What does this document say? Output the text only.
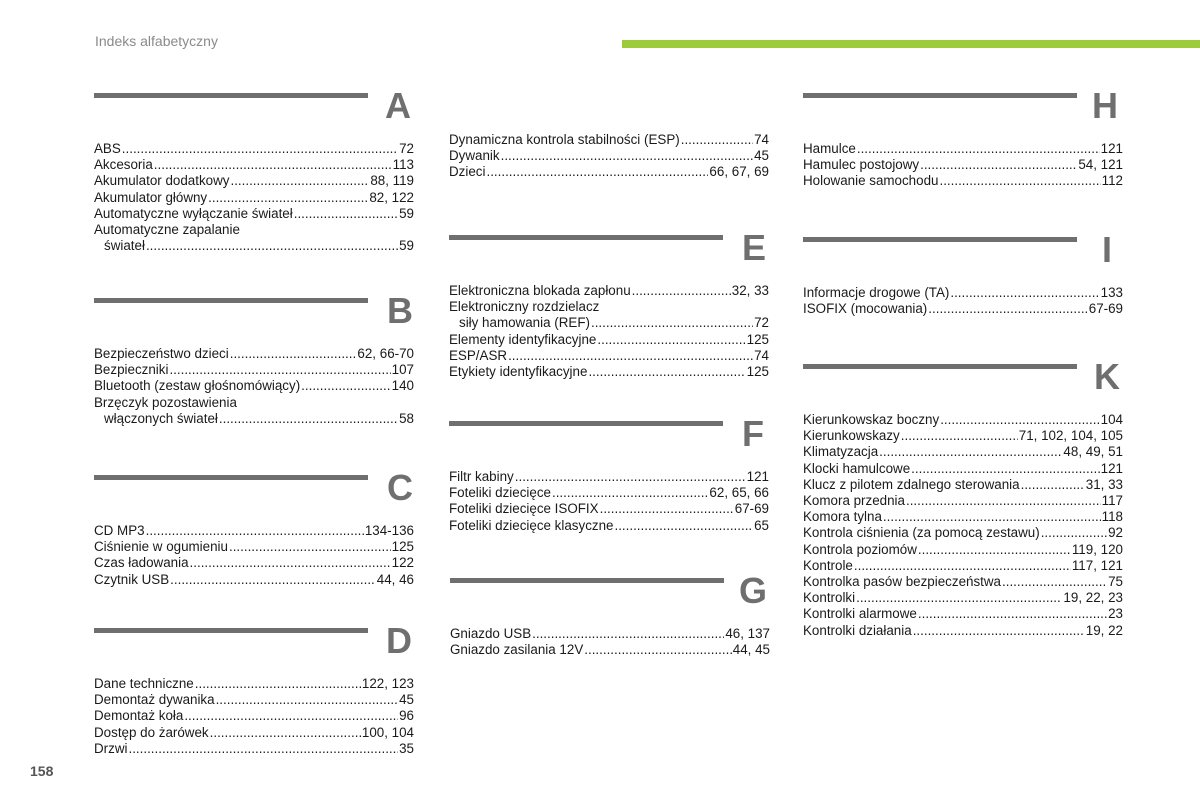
Indeks alfabetyczny
A
ABS .....	72
Akcesoria .....	113
Akumulator dodatkowy .....	88, 119
Akumulator główny .....	82, 122
Automatyczne wyłączanie świateł .....	59
Automatyczne zapalanie
świateł .....	59
B
Bezpieczeństwo dzieci .....	62, 66-70
Bezpieczniki .....	107
Bluetooth (zestaw głośnomówiący) .....	140
Brzęczyk pozostawienia
włączonych świateł .....	58
C
CD MP3 .....	134-136
Ciśnienie w ogumieniu .....	125
Czas ładowania .....	122
Czytnik USB .....	44, 46
D
Dane techniczne .....	122, 123
Demontaż dywanika .....	45
Demontaż koła .....	96
Dostęp do żarówek .....	100, 104
Drzwi .....	35
Dynamiczna kontrola stabilności (ESP) .....	74
Dywanik .....	45
Dzieci .....	66, 67, 69
E
Elektroniczna blokada zapłonu .....	32, 33
Elektroniczny rozdzielacz
siły hamowania (REF) .....	72
Elementy identyfikacyjne .....	125
ESP/ASR .....	74
Etykiety identyfikacyjne .....	125
F
Filtr kabiny .....	121
Foteliki dziecięce .....	62, 65, 66
Foteliki dziecięce ISOFIX .....	67-69
Foteliki dziecięce klasyczne .....	65
G
Gniazdo USB .....	46, 137
Gniazdo zasilania 12V .....	44, 45
H
Hamulce .....	121
Hamulec postojowy .....	54, 121
Holowanie samochodu .....	112
I
Informacje drogowe (TA) .....	133
ISOFIX (mocowania) .....	67-69
K
Kierunkowskaz boczny .....	104
Kierunkowskazy .....	71, 102, 104, 105
Klimatyzacja .....	48, 49, 51
Klocki hamulcowe .....	121
Klucz z pilotem zdalnego sterowania .....	31, 33
Komora przednia .....	117
Komora tylna .....	118
Kontrola ciśnienia (za pomocą zestawu) .....	92
Kontrola poziomów .....	119, 120
Kontrole .....	117, 121
Kontrolka pasów bezpieczeństwa .....	75
Kontrolki .....	19, 22, 23
Kontrolki alarmowe .....	23
Kontrolki działania .....	19, 22
158
